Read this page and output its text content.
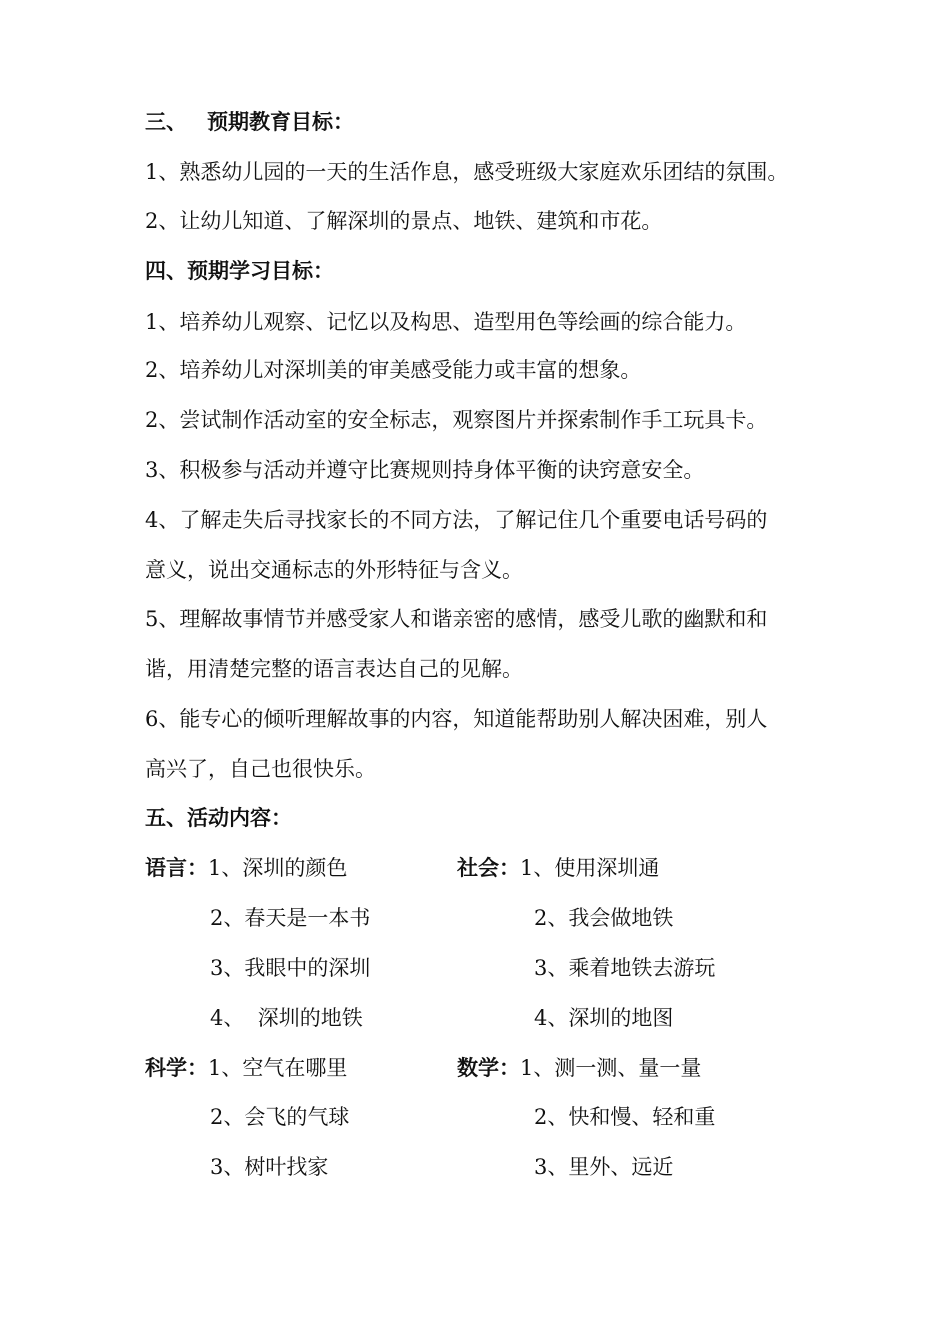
三、 预期教育目标：
1、熟悉幼儿园的一天的生活作息，感受班级大家庭欢乐团结的氛围。
2、让幼儿知道、了解深圳的景点、地铁、建筑和市花。
四、预期学习目标：
1、培养幼儿观察、记忆以及构思、造型用色等绘画的综合能力。
2、培养幼儿对深圳美的审美感受能力或丰富的想象。
2、尝试制作活动室的安全标志，观察图片并探索制作手工玩具卡。
3、积极参与活动并遵守比赛规则持身体平衡的诀窍意安全。
4、了解走失后寻找家长的不同方法，了解记住几个重要电话号码的
意义，说出交通标志的外形特征与含义。
5、理解故事情节并感受家人和谐亲密的感情，感受儿歌的幽默和和
谐，用清楚完整的语言表达自己的见解。
6、能专心的倾听理解故事的内容，知道能帮助别人解决困难，别人
高兴了，自己也很快乐。
五、活动内容：
语言：1、深圳的颜色	社会：1、使用深圳通
2、春天是一本书	2、我会做地铁
3、我眼中的深圳	3、乘着地铁去游玩
4、  深圳的地铁	4、深圳的地图
科学：1、空气在哪里	数学：1、测一测、量一量
2、会飞的气球	2、快和慢、轻和重
3、树叶找家	3、里外、远近
